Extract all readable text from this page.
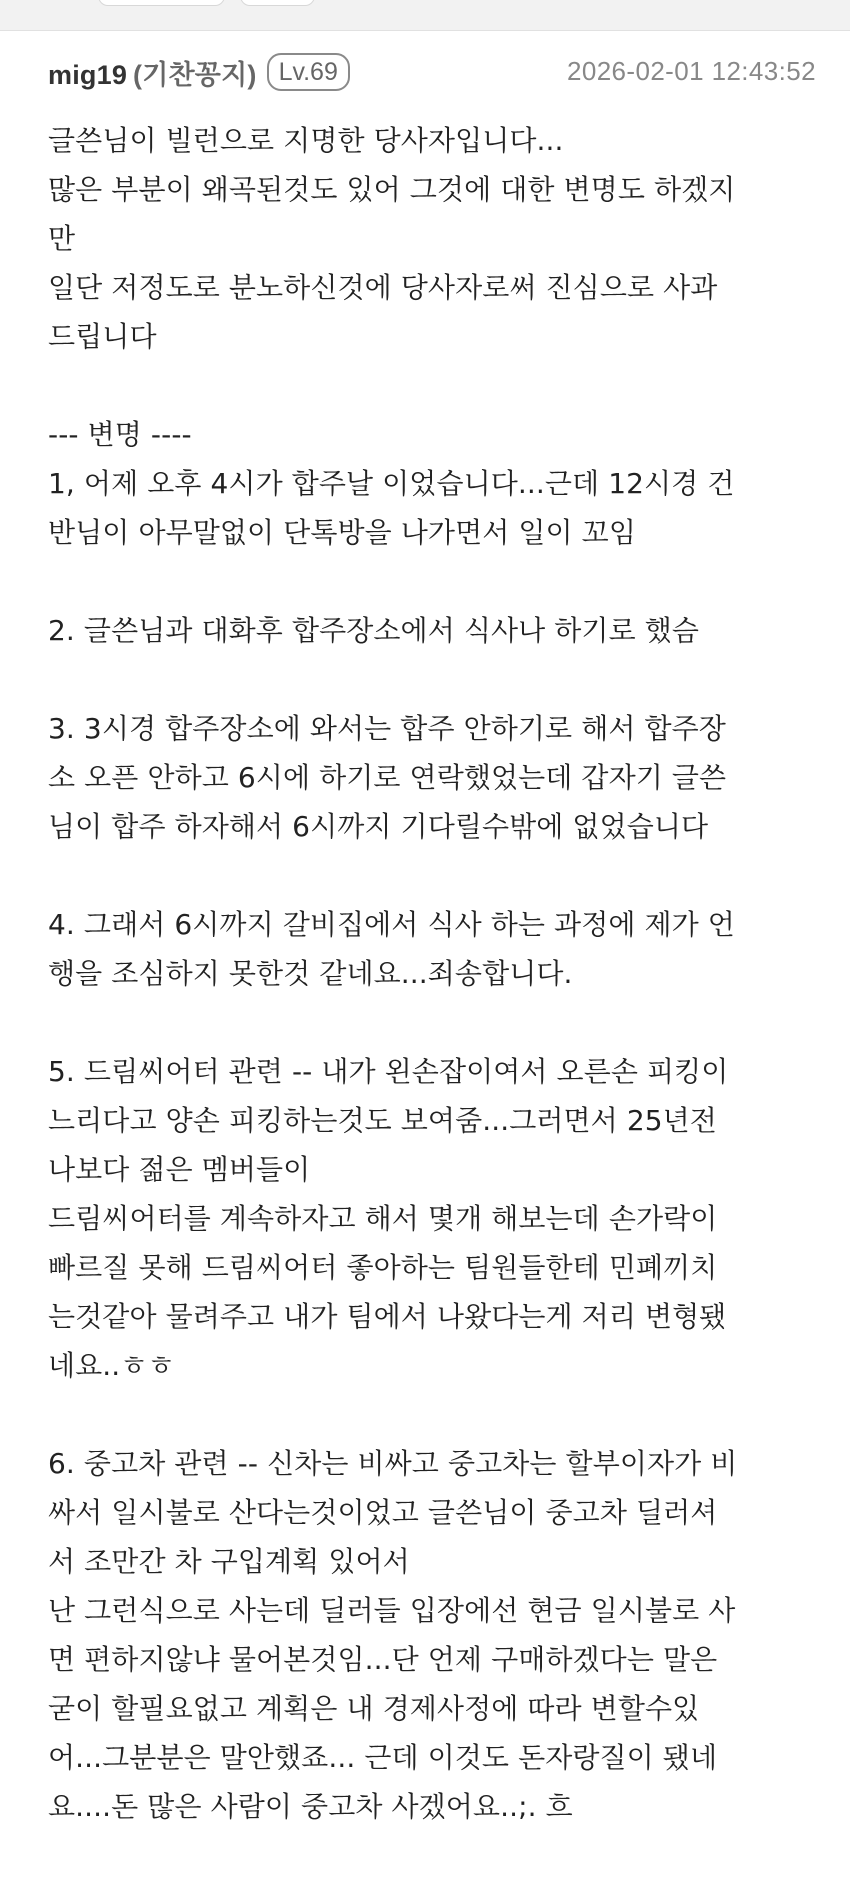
mig19 (기찬꽁지) Lv.69	2026-02-01 12:43:52
글쓴님이 빌런으로 지명한 당사자입니다...
많은 부분이 왜곡된것도 있어 그것에 대한 변명도 하겠지
만
일단 저정도로 분노하신것에 당사자로써 진심으로 사과
드립니다
--- 변명 ----
1, 어제 오후 4시가 합주날 이었습니다...근데 12시경 건
반님이 아무말없이 단톡방을 나가면서 일이 꼬임
2. 글쓴님과 대화후 합주장소에서 식사나 하기로 했슴
3. 3시경 합주장소에 와서는 합주 안하기로 해서 합주장
소 오픈 안하고 6시에 하기로 연락했었는데 갑자기 글쓴
님이 합주 하자해서 6시까지 기다릴수밖에 없었습니다
4. 그래서 6시까지 갈비집에서 식사 하는 과정에 제가 언
행을 조심하지 못한것 같네요...죄송합니다.
5. 드림씨어터 관련 -- 내가 왼손잡이여서 오른손 피킹이
느리다고 양손 피킹하는것도 보여줌...그러면서 25년전
나보다 젊은 멤버들이
드림씨어터를 계속하자고 해서 몇개 해보는데 손가락이
빠르질 못해 드림씨어터 좋아하는 팀원들한테 민폐끼치
는것같아 물려주고 내가 팀에서 나왔다는게 저리 변형됐
네요..ㅎㅎ
6. 중고차 관련 -- 신차는 비싸고 중고차는 할부이자가 비
싸서 일시불로 산다는것이었고 글쓴님이 중고차 딜러셔
서 조만간 차 구입계획 있어서
난 그런식으로 사는데 딜러들 입장에선 현금 일시불로 사
면 편하지않냐 물어본것임...단 언제 구매하겠다는 말은
굳이 할필요없고 계획은 내 경제사정에 따라 변할수있
어...그분분은 말안했죠... 근데 이것도 돈자랑질이 됐네
요....돈 많은 사람이 중고차 사겠어요..;. 흐
